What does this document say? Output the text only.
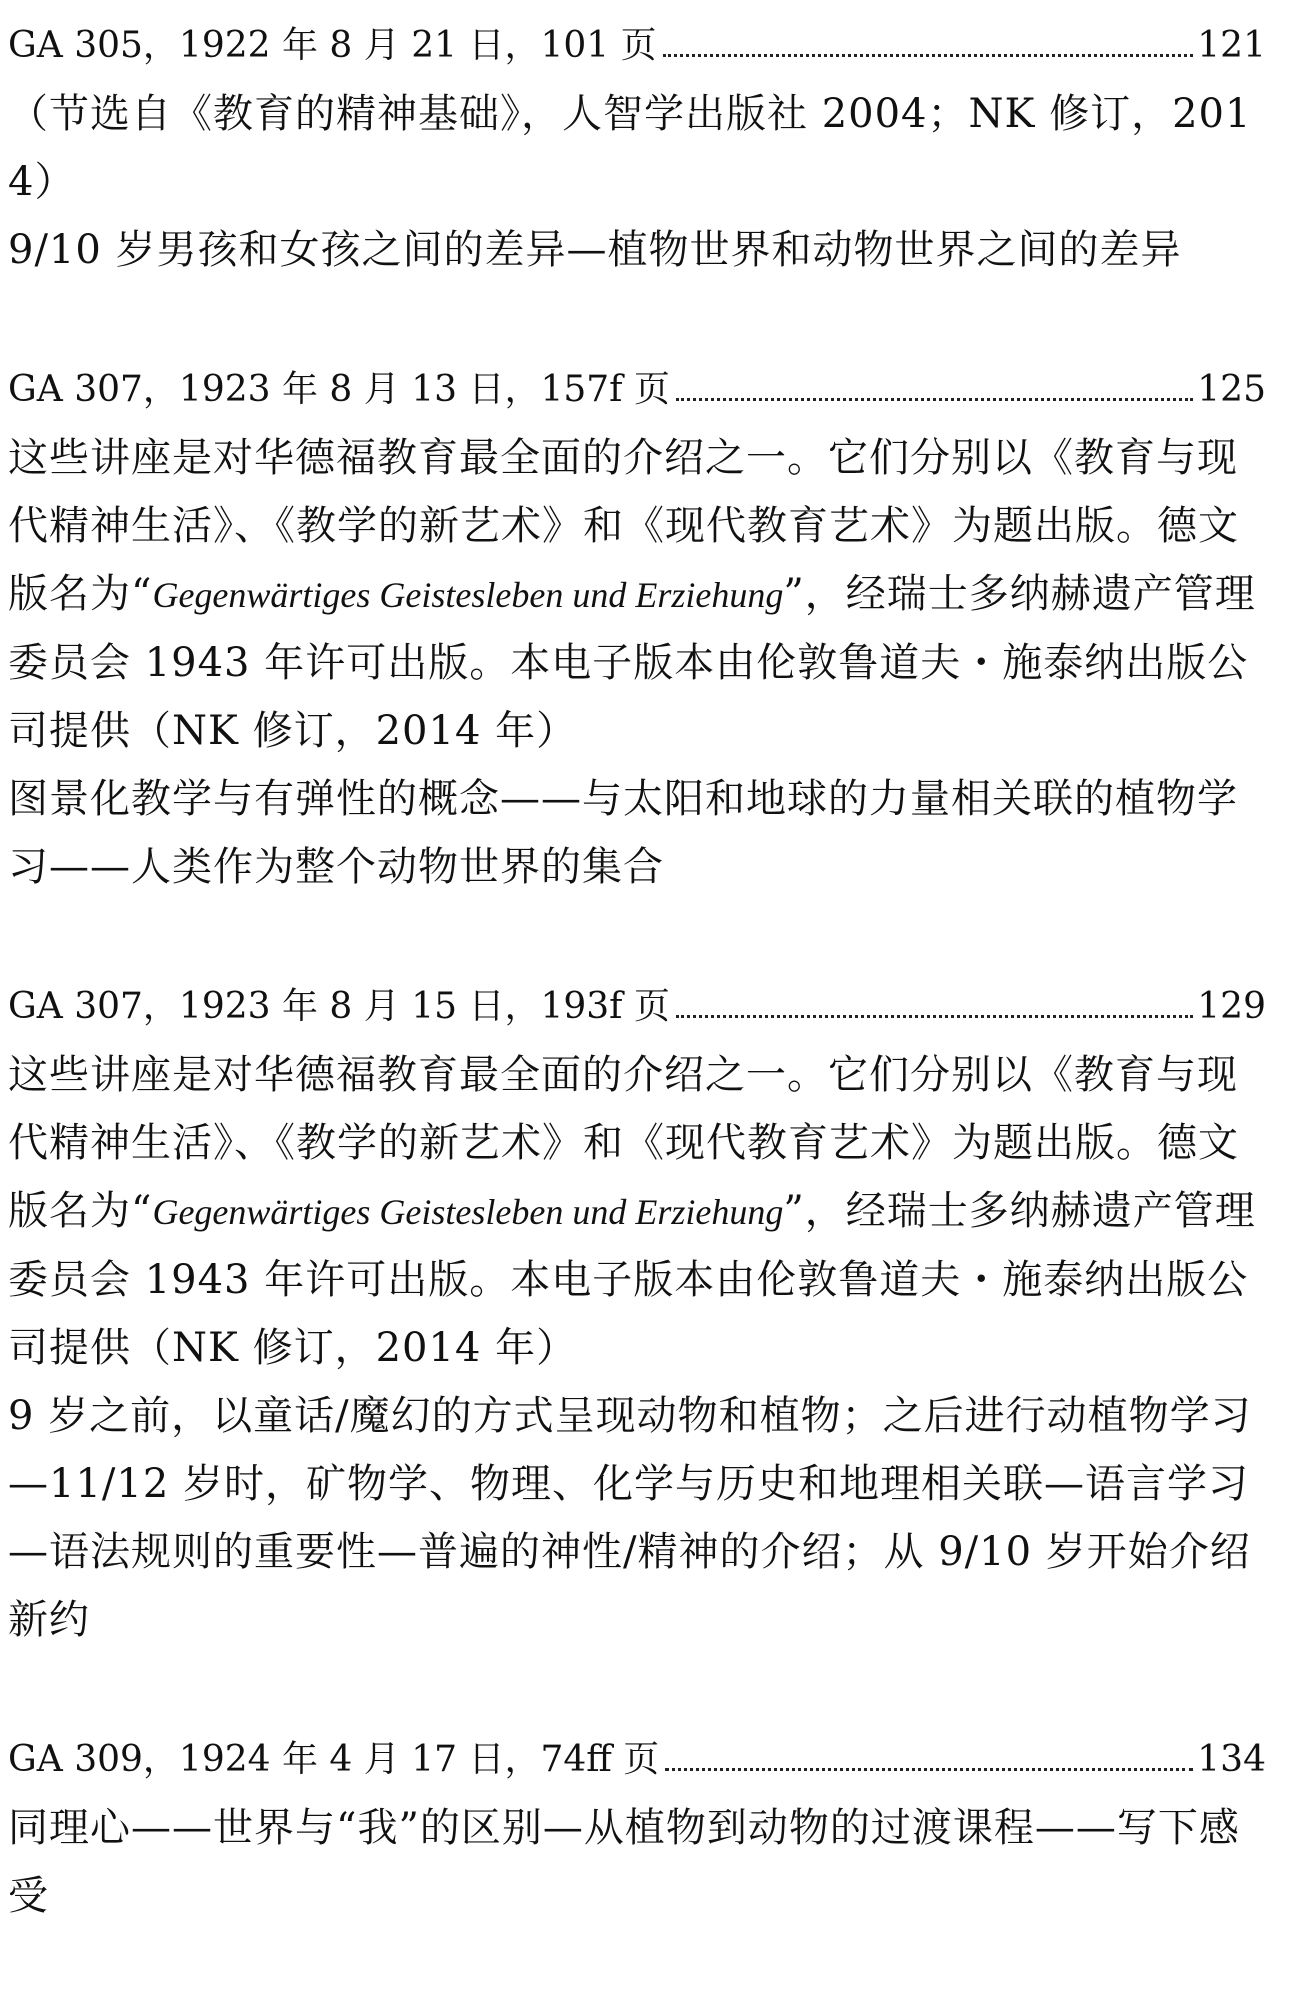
GA 305，1922 年 8 月 21 日，101 页	121

（节选自《教育的精神基础》，人智学出版社 2004；NK 修订，2014）

9/10 岁男孩和女孩之间的差异—植物世界和动物世界之间的差异

GA 307，1923 年 8 月 13 日，157f 页	125

这些讲座是对华德福教育最全面的介绍之一。它们分别以《教育与现代精神生活》、《教学的新艺术》和《现代教育艺术》为题出版。德文版名为“Gegenwärtiges Geistesleben und Erziehung”，经瑞士多纳赫遗产管理委员会 1943 年许可出版。本电子版本由伦敦鲁道夫・施泰纳出版公司提供（NK 修订，2014 年）

图景化教学与有弹性的概念——与太阳和地球的力量相关联的植物学习——人类作为整个动物世界的集合

GA 307，1923 年 8 月 15 日，193f 页	129

这些讲座是对华德福教育最全面的介绍之一。它们分别以《教育与现代精神生活》、《教学的新艺术》和《现代教育艺术》为题出版。德文版名为“Gegenwärtiges Geistesleben und Erziehung”，经瑞士多纳赫遗产管理委员会 1943 年许可出版。本电子版本由伦敦鲁道夫・施泰纳出版公司提供（NK 修订，2014 年）

9 岁之前，以童话/魔幻的方式呈现动物和植物；之后进行动植物学习—11/12 岁时，矿物学、物理、化学与历史和地理相关联—语言学习—语法规则的重要性—普遍的神性/精神的介绍；从 9/10 岁开始介绍新约

GA 309，1924 年 4 月 17 日，74ff 页	134

同理心——世界与“我”的区别—从植物到动物的过渡课程——写下感受
